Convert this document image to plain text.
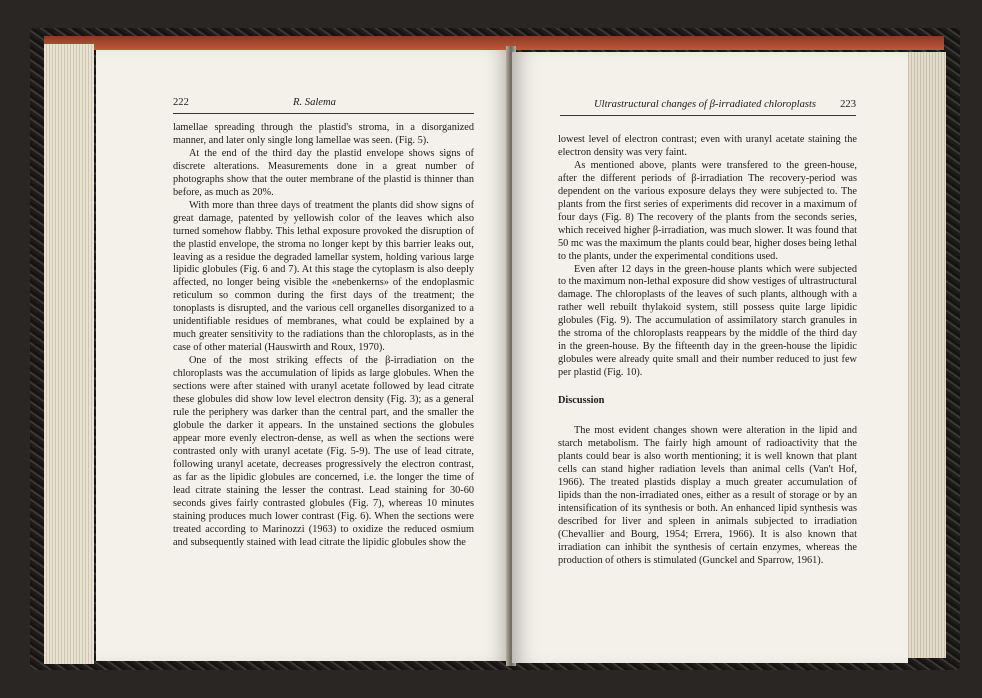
222	R. Salema

lamellae spreading through the plastid's stroma, in a disorganized manner, and later only single long lamellae was seen. (Fig. 5).

At the end of the third day the plastid envelope shows signs of discrete alterations. Measurements done in a great number of photographs show that the outer membrane of the plastid is thinner than before, as much as 20%.

With more than three days of treatment the plants did show signs of great damage, patented by yellowish color of the leaves which also turned somehow flabby. This lethal exposure provoked the disruption of the plastid envelope, the stroma no longer kept by this barrier leaks out, leaving as a residue the degraded lamellar system, holding various large lipidic globules (Fig. 6 and 7). At this stage the cytoplasm is also deeply affected, no longer being visible the «nebenkerns» of the endoplasmic reticulum so common during the first days of the treatment; the tonoplasts is disrupted, and the various cell organelles disorganized to a unidentifiable residues of membranes, what could be explained by a much greater sensitivity to the radiations than the chloroplasts, as in the case of other material (Hauswirth and Roux, 1970).

One of the most striking effects of the β-irradiation on the chloroplasts was the accumulation of lipids as large globules. When the sections were after stained with uranyl acetate followed by lead citrate these globules did show low level electron density (Fig. 3); as a general rule the periphery was darker than the central part, and the smaller the globule the darker it appears. In the unstained sections the globules appear more evenly electron-dense, as well as when the sections were contrasted only with uranyl acetate (Fig. 5-9). The use of lead citrate, following uranyl acetate, decreases progressively the electron contrast, as far as the lipidic globules are concerned, i.e. the longer the time of lead citrate staining the lesser the contrast. Lead staining for 30-60 seconds gives fairly contrasted globules (Fig. 7), whereas 10 minutes staining produces much lower contrast (Fig. 6). When the sections were treated according to Marinozzi (1963) to oxidize the reduced osmium and subsequently stained with lead citrate the lipidic globules show the

Ultrastructural changes of β-irradiated chloroplasts 223

lowest level of electron contrast; even with uranyl acetate staining the electron density was very faint.

As mentioned above, plants were transfered to the green-house, after the different periods of β-irradiation The recovery-period was dependent on the various exposure delays they were subjected to. The plants from the first series of experiments did recover in a maximum of four days (Fig. 8) The recovery of the plants from the seconds series, which received higher β-irradiation, was much slower. It was found that 50 mc was the maximum the plants could bear, higher doses being lethal to the plants, under the experimental conditions used.

Even after 12 days in the green-house plants which were subjected to the maximum non-lethal exposure did show vestiges of ultrastructural damage. The chloroplasts of the leaves of such plants, although with a rather well rebuilt thylakoid system, still possess quite large lipidic globules (Fig. 9). The accumulation of assimilatory starch granules in the stroma of the chloroplasts reappears by the middle of the third day in the green-house. By the fifteenth day in the green-house the lipidic globules were already quite small and their number reduced to just few per plastid (Fig. 10).

Discussion

The most evident changes shown were alteration in the lipid and starch metabolism. The fairly high amount of radioactivity that the plants could bear is also worth mentioning; it is well known that plant cells can stand higher radiation levels than animal cells (Van't Hof, 1966). The treated plastids display a much greater accumulation of lipids than the non-irradiated ones, either as a result of storage or by an intensification of its synthesis or both. An enhanced lipid synthesis was described for liver and spleen in animals subjected to irradiation (Chevallier and Bourg, 1954; Errera, 1966). It is also known that irradiation can inhibit the synthesis of certain enzymes, whereas the production of others is stimulated (Gunckel and Sparrow, 1961).
